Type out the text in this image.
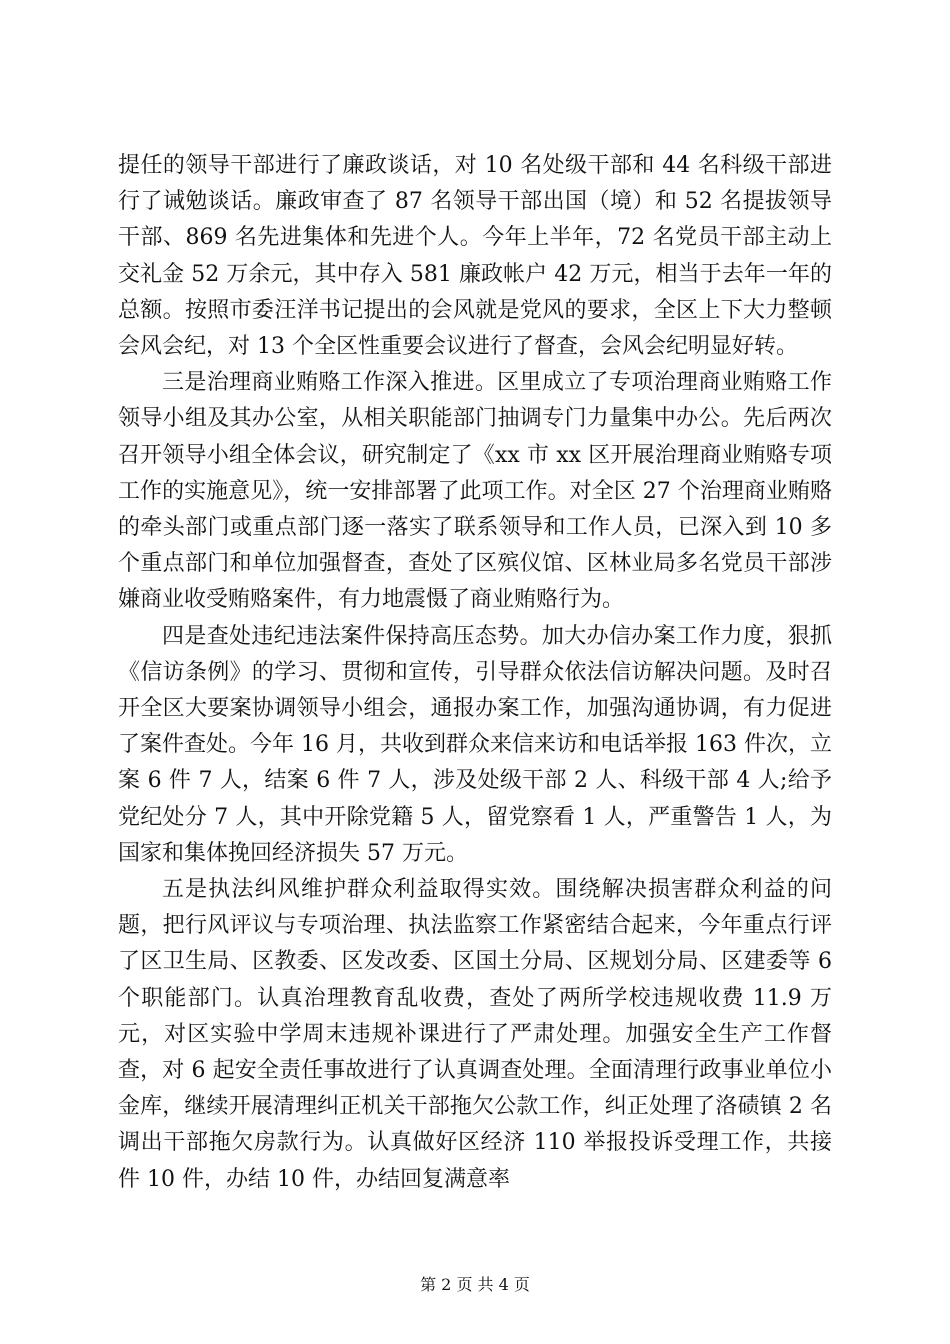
提任的领导干部进行了廉政谈话，对 10 名处级干部和 44 名科级干部进行了诫勉谈话。廉政审查了 87 名领导干部出国（境）和 52 名提拔领导干部、869 名先进集体和先进个人。今年上半年，72 名党员干部主动上交礼金 52 万余元，其中存入 581 廉政帐户 42 万元，相当于去年一年的总额。按照市委汪洋书记提出的会风就是党风的要求，全区上下大力整顿会风会纪，对 13 个全区性重要会议进行了督查，会风会纪明显好转。

三是治理商业贿赂工作深入推进。区里成立了专项治理商业贿赂工作领导小组及其办公室，从相关职能部门抽调专门力量集中办公。先后两次召开领导小组全体会议，研究制定了《xx 市 xx 区开展治理商业贿赂专项工作的实施意见》，统一安排部署了此项工作。对全区 27 个治理商业贿赂的牵头部门或重点部门逐一落实了联系领导和工作人员，已深入到 10 多个重点部门和单位加强督查，查处了区殡仪馆、区林业局多名党员干部涉嫌商业收受贿赂案件，有力地震慑了商业贿赂行为。

四是查处违纪违法案件保持高压态势。加大办信办案工作力度，狠抓《信访条例》的学习、贯彻和宣传，引导群众依法信访解决问题。及时召开全区大要案协调领导小组会，通报办案工作，加强沟通协调，有力促进了案件查处。今年 16 月，共收到群众来信来访和电话举报 163 件次，立案 6 件 7 人，结案 6 件 7 人，涉及处级干部 2 人、科级干部 4 人;给予党纪处分 7 人，其中开除党籍 5 人，留党察看 1 人，严重警告 1 人，为国家和集体挽回经济损失 57 万元。

五是执法纠风维护群众利益取得实效。围绕解决损害群众利益的问题，把行风评议与专项治理、执法监察工作紧密结合起来，今年重点行评了区卫生局、区教委、区发改委、区国土分局、区规划分局、区建委等 6 个职能部门。认真治理教育乱收费，查处了两所学校违规收费 11.9 万元，对区实验中学周末违规补课进行了严肃处理。加强安全生产工作督查，对 6 起安全责任事故进行了认真调查处理。全面清理行政事业单位小金库，继续开展清理纠正机关干部拖欠公款工作，纠正处理了洛碛镇 2 名调出干部拖欠房款行为。认真做好区经济 110 举报投诉受理工作，共接件 10 件，办结 10 件，办结回复满意率

第 2 页 共 4 页
